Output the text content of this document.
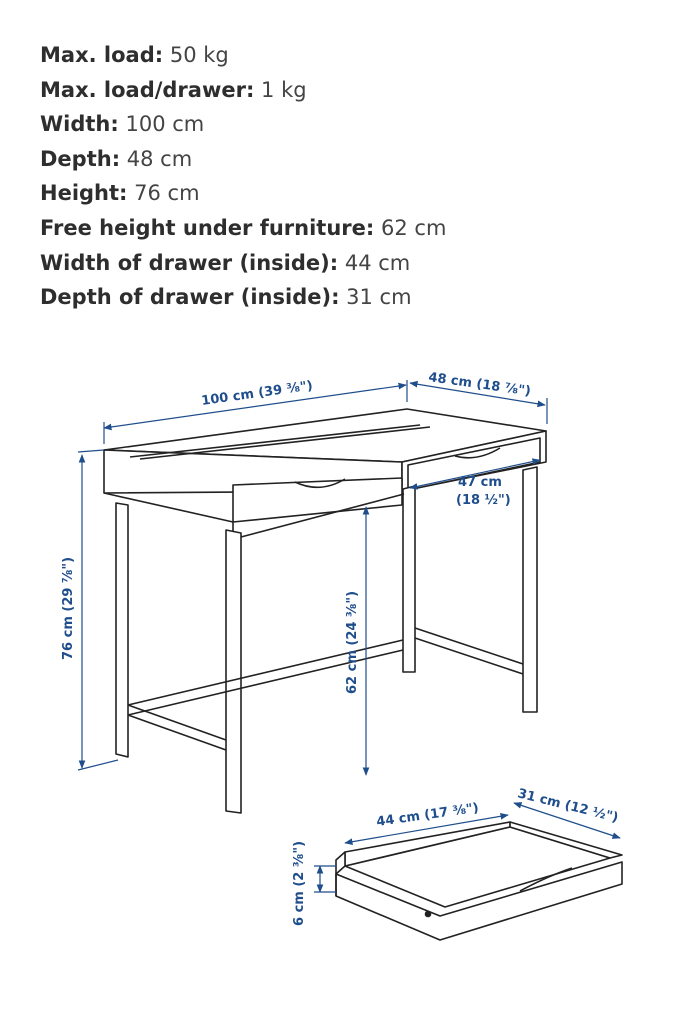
Max. load: 50 kg
Max. load/drawer: 1 kg
Width: 100 cm
Depth: 48 cm
Height: 76 cm
Free height under furniture: 62 cm
Width of drawer (inside): 44 cm
Depth of drawer (inside): 31 cm
100 cm (39 ⅜")	48 cm (18 ⅞")
47 cm
(18 ½")
76 cm (29 ⅞")	62 cm (24 ⅜")
44 cm (17 ⅜")	31 cm (12 ½")
6 cm (2 ⅜")
